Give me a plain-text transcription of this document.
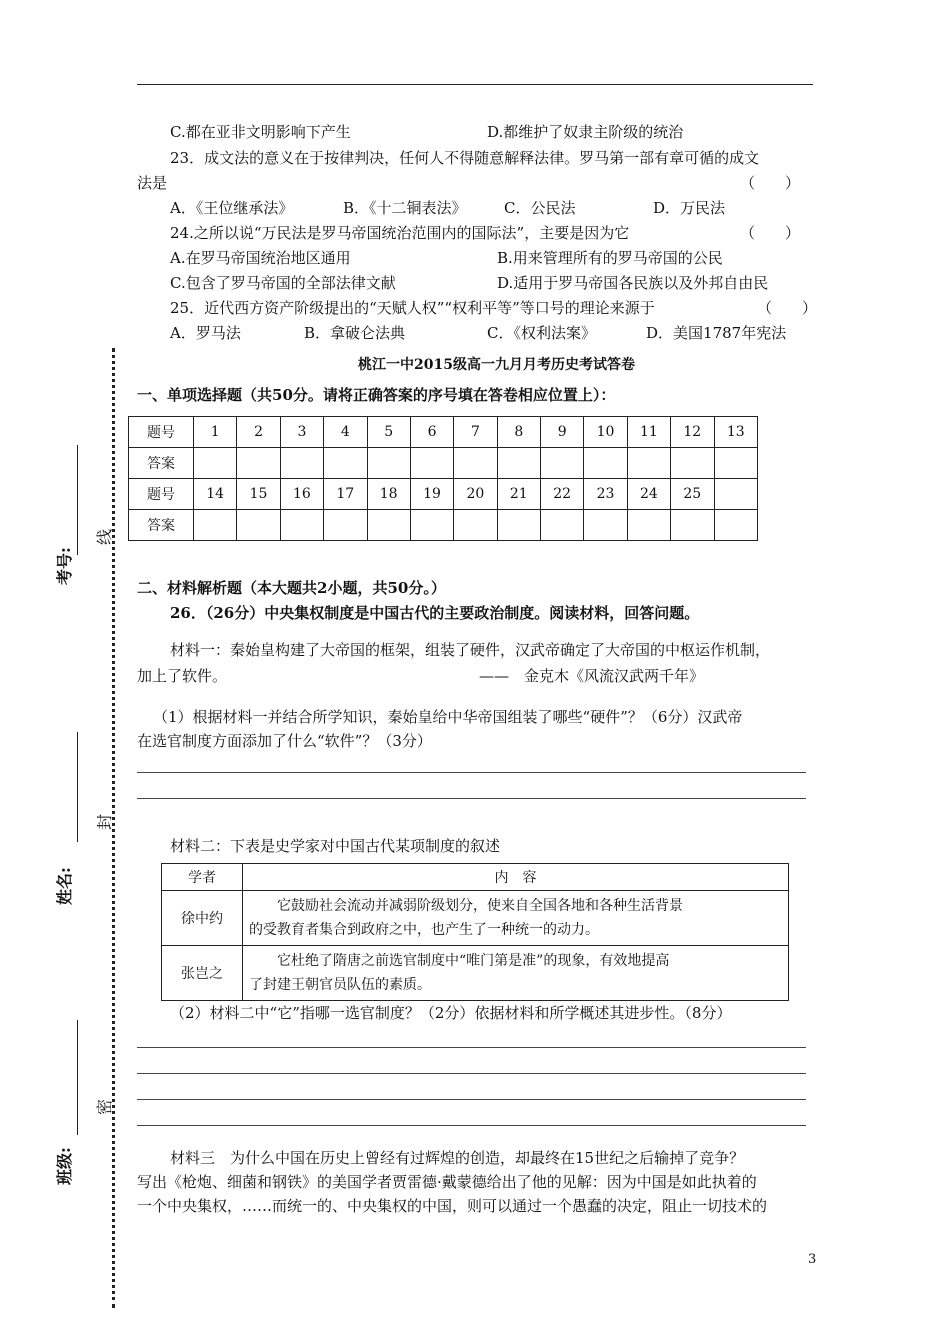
C.都在亚非文明影响下产生	D.都维护了奴隶主阶级的统治
23．成文法的意义在于按律判决，任何人不得随意解释法律。罗马第一部有章可循的成文
法是	（　　）
A．《王位继承法》	B．《十二铜表法》 C．公民法	D．万民法
24.之所以说“万民法是罗马帝国统治范围内的国际法”，主要是因为它	（　　）
A.在罗马帝国统治地区通用	B.用来管理所有的罗马帝国的公民
C.包含了罗马帝国的全部法律文献	D.适用于罗马帝国各民族以及外邦自由民
25．近代西方资产阶级提出的“天赋人权”“权利平等”等口号的理论来源于	（　　）
A．罗马法	B．拿破仑法典	C．《权利法案》	D．美国1787年宪法
桃江一中2015级高一九月月考历史考试答卷
一、单项选择题（共50分。请将正确答案的序号填在答卷相应位置上）：
题号	1	2	3	4	5	6	7	8	9	10	11	12	13
答案													
题号	14	15	16	17	18	19	20	21	22	23	24	25	
答案													
二、材料解析题（本大题共2小题，共50分。）
26．（26分）中央集权制度是中国古代的主要政治制度。阅读材料，回答问题。
材料一：秦始皇构建了大帝国的框架，组装了硬件，汉武帝确定了大帝国的中枢运作机制，
加上了软件。	——　金克木《风流汉武两千年》
（1）根据材料一并结合所学知识，秦始皇给中华帝国组装了哪些“硬件”？（6分）汉武帝
在选官制度方面添加了什么“软件”？（3分）
材料二：下表是史学家对中国古代某项制度的叙述
学者	内　容
徐中约	它鼓励社会流动并减弱阶级划分，使来自全国各地和各种生活背景
的受教育者集合到政府之中，也产生了一种统一的动力。

张岂之	它杜绝了隋唐之前选官制度中“唯门第是准”的现象，有效地提高
了封建王朝官员队伍的素质。
（2）材料二中“它”指哪一选官制度？（2分）依据材料和所学概述其进步性。（8分）
材料三　为什么中国在历史上曾经有过辉煌的创造，却最终在15世纪之后输掉了竞争？
写出《枪炮、细菌和钢铁》的美国学者贾雷德·戴蒙德给出了他的见解：因为中国是如此执着的
一个中央集权，……而统一的、中央集权的中国，则可以通过一个愚蠢的决定，阻止一切技术的
3
考号:
姓名:
班级:
线
封
密
